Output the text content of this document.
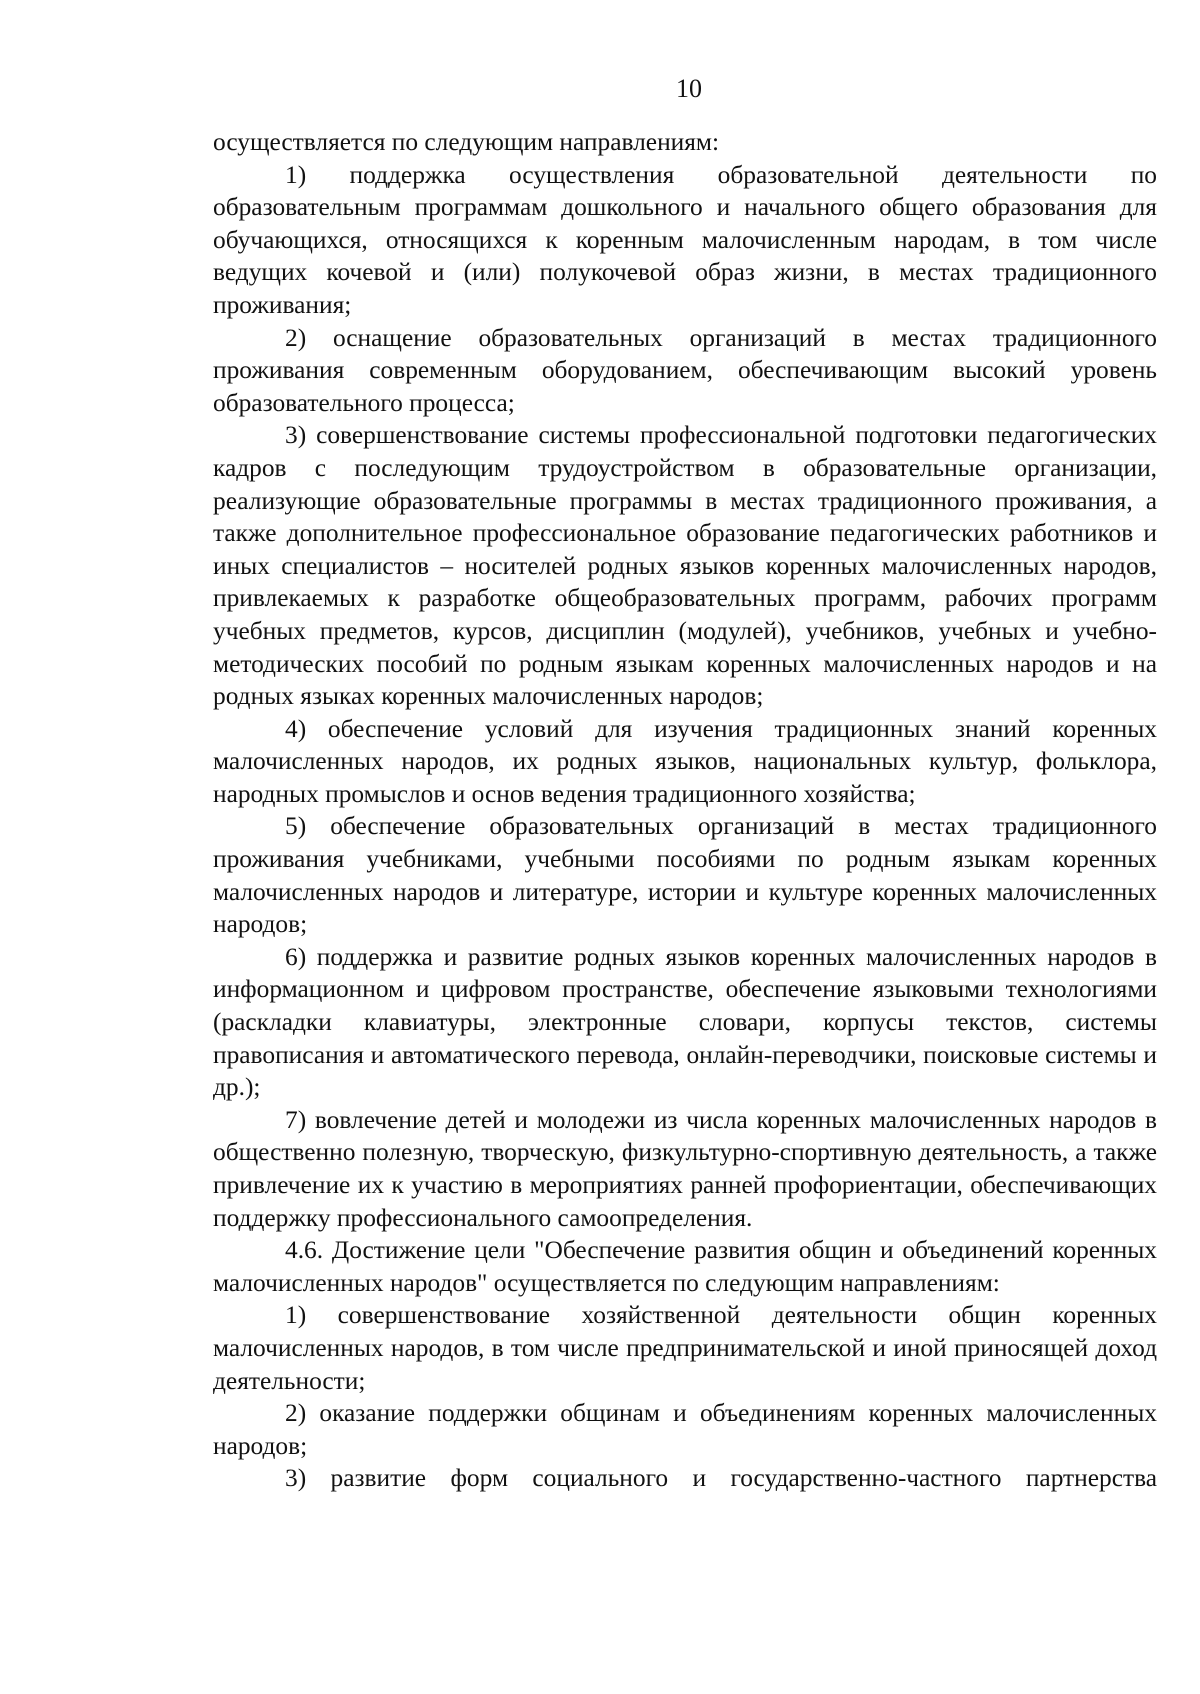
10

осуществляется по следующим направлениям:

1) поддержка осуществления образовательной деятельности по образовательным программам дошкольного и начального общего образования для обучающихся, относящихся к коренным малочисленным народам, в том числе ведущих кочевой и (или) полукочевой образ жизни, в местах традиционного проживания;

2) оснащение образовательных организаций в местах традиционного проживания современным оборудованием, обеспечивающим высокий уровень образовательного процесса;

3) совершенствование системы профессиональной подготовки педагогических кадров с последующим трудоустройством в образовательные организации, реализующие образовательные программы в местах традиционного проживания, а также дополнительное профессиональное образование педагогических работников и иных специалистов – носителей родных языков коренных малочисленных народов, привлекаемых к разработке общеобразовательных программ, рабочих программ учебных предметов, курсов, дисциплин (модулей), учебников, учебных и учебно-методических пособий по родным языкам коренных малочисленных народов и на родных языках коренных малочисленных народов;

4) обеспечение условий для изучения традиционных знаний коренных малочисленных народов, их родных языков, национальных культур, фольклора, народных промыслов и основ ведения традиционного хозяйства;

5) обеспечение образовательных организаций в местах традиционного проживания учебниками, учебными пособиями по родным языкам коренных малочисленных народов и литературе, истории и культуре коренных малочисленных народов;

6) поддержка и развитие родных языков коренных малочисленных народов в информационном и цифровом пространстве, обеспечение языковыми технологиями (раскладки клавиатуры, электронные словари, корпусы текстов, системы правописания и автоматического перевода, онлайн-переводчики, поисковые системы и др.);

7) вовлечение детей и молодежи из числа коренных малочисленных народов в общественно полезную, творческую, физкультурно-спортивную деятельность, а также привлечение их к участию в мероприятиях ранней профориентации, обеспечивающих поддержку профессионального самоопределения.

4.6. Достижение цели "Обеспечение развития общин и объединений коренных малочисленных народов" осуществляется по следующим направлениям:

1) совершенствование хозяйственной деятельности общин коренных малочисленных народов, в том числе предпринимательской и иной приносящей доход деятельности;

2) оказание поддержки общинам и объединениям коренных малочисленных народов;

3) развитие форм социального и государственно-частного партнерства
